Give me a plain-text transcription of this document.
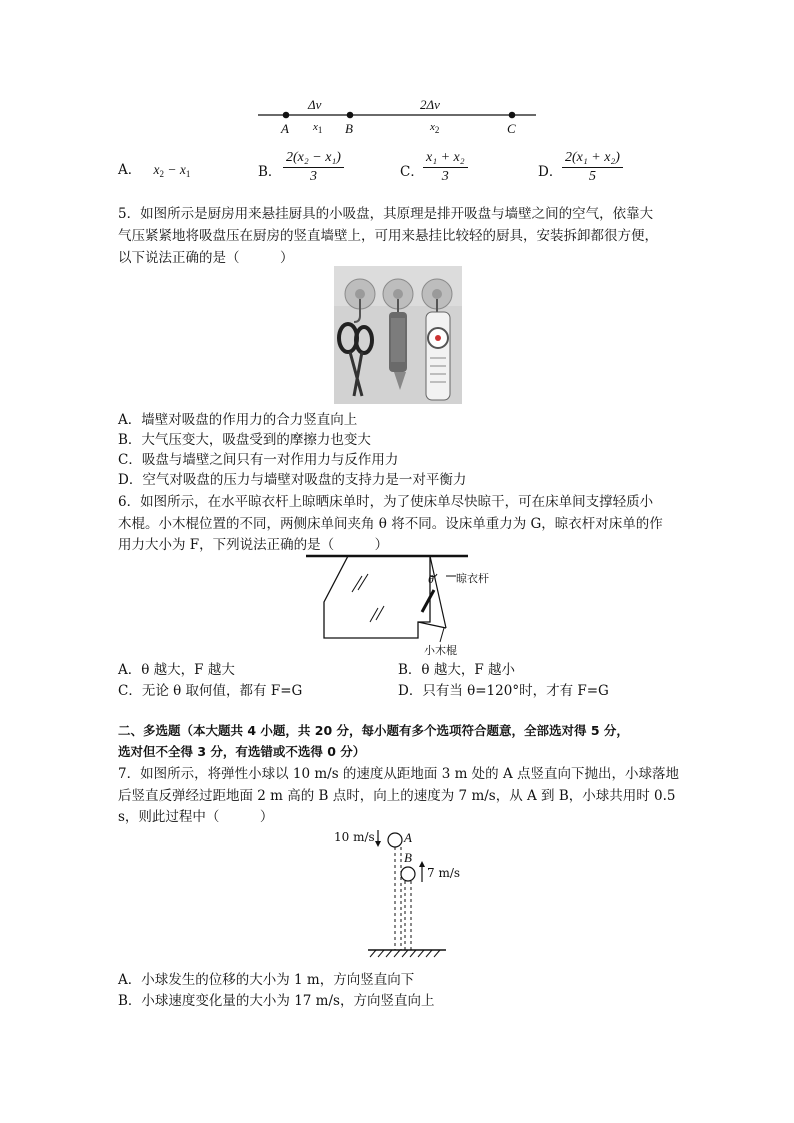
Δv	2Δv
A	B	C
$x_1$	$x_2$
A． $x_2 - x_1$	B． $\frac{\text{2(x₂ − x₁)}}{3}$	C． $\frac{\text{x₁ + x₂}}{3}$	D． $\frac{\text{2(x₁ + x₂)}}{5}$
5．如图所示是厨房用来悬挂厨具的小吸盘，其原理是排开吸盘与墙壁之间的空气，依靠大
气压紧紧地将吸盘压在厨房的竖直墙壁上，可用来悬挂比较轻的厨具，安装拆卸都很方便，
以下说法正确的是（　　　）
A．墙壁对吸盘的作用力的合力竖直向上
B．大气压变大，吸盘受到的摩擦力也变大
C．吸盘与墙壁之间只有一对作用力与反作用力
D．空气对吸盘的压力与墙壁对吸盘的支持力是一对平衡力
6．如图所示，在水平晾衣杆上晾晒床单时，为了使床单尽快晾干，可在床单间支撑轻质小
木棍。小木棍位置的不同，两侧床单间夹角 θ 将不同。设床单重力为 G，晾衣杆对床单的作
用力大小为 F，下列说法正确的是（　　　）
θ 晾衣杆
小木棍
A．θ 越大，F 越大	B．θ 越大，F 越小
C．无论 θ 取何值，都有 F=G	D．只有当 θ=120°时，才有 F=G
二、多选题（本大题共 4 小题，共 20 分，每小题有多个选项符合题意，全部选对得 5 分，
选对但不全得 3 分，有选错或不选得 0 分）
7．如图所示，将弹性小球以 10 m/s 的速度从距地面 3 m 处的 A 点竖直向下抛出，小球落地
后竖直反弹经过距地面 2 m 高的 B 点时，向上的速度为 7 m/s，从 A 到 B，小球共用时 0.5
s，则此过程中（　　　）
10 m/s A
B
7 m/s
A．小球发生的位移的大小为 1 m，方向竖直向下
B．小球速度变化量的大小为 17 m/s，方向竖直向上
